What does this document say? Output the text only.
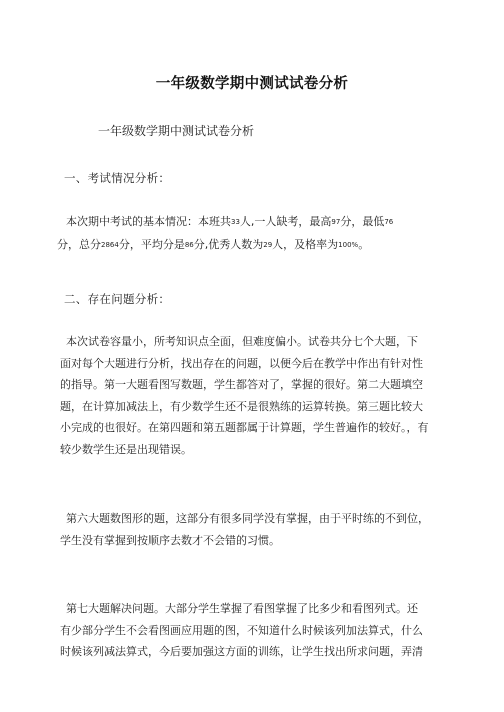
一年级数学期中测试试卷分析
一年级数学期中测试试卷分析
一、考试情况分析：
本次期中考试的基本情况：本班共33人,一人缺考，最高97分，最低76
分，总分2864分，平均分是86分,优秀人数为29人，及格率为100%。
二、存在问题分析：
本次试卷容量小，所考知识点全面，但难度偏小。试卷共分七个大题，下
面对每个大题进行分析，找出存在的问题，以便今后在教学中作出有针对性
的指导。第一大题看图写数题，学生都答对了，掌握的很好。第二大题填空
题，在计算加减法上，有少数学生还不是很熟练的运算转换。第三题比较大
小完成的也很好。在第四题和第五题都属于计算题，学生普遍作的较好。，有
较少数学生还是出现错误。
第六大题数图形的题，这部分有很多同学没有掌握，由于平时练的不到位，
学生没有掌握到按顺序去数才不会错的习惯。
第七大题解决问题。大部分学生掌握了看图掌握了比多少和看图列式。还
有少部分学生不会看图画应用题的图，不知道什么时候该列加法算式，什么
时候该列减法算式，今后要加强这方面的训练，让学生找出所求问题，弄清
